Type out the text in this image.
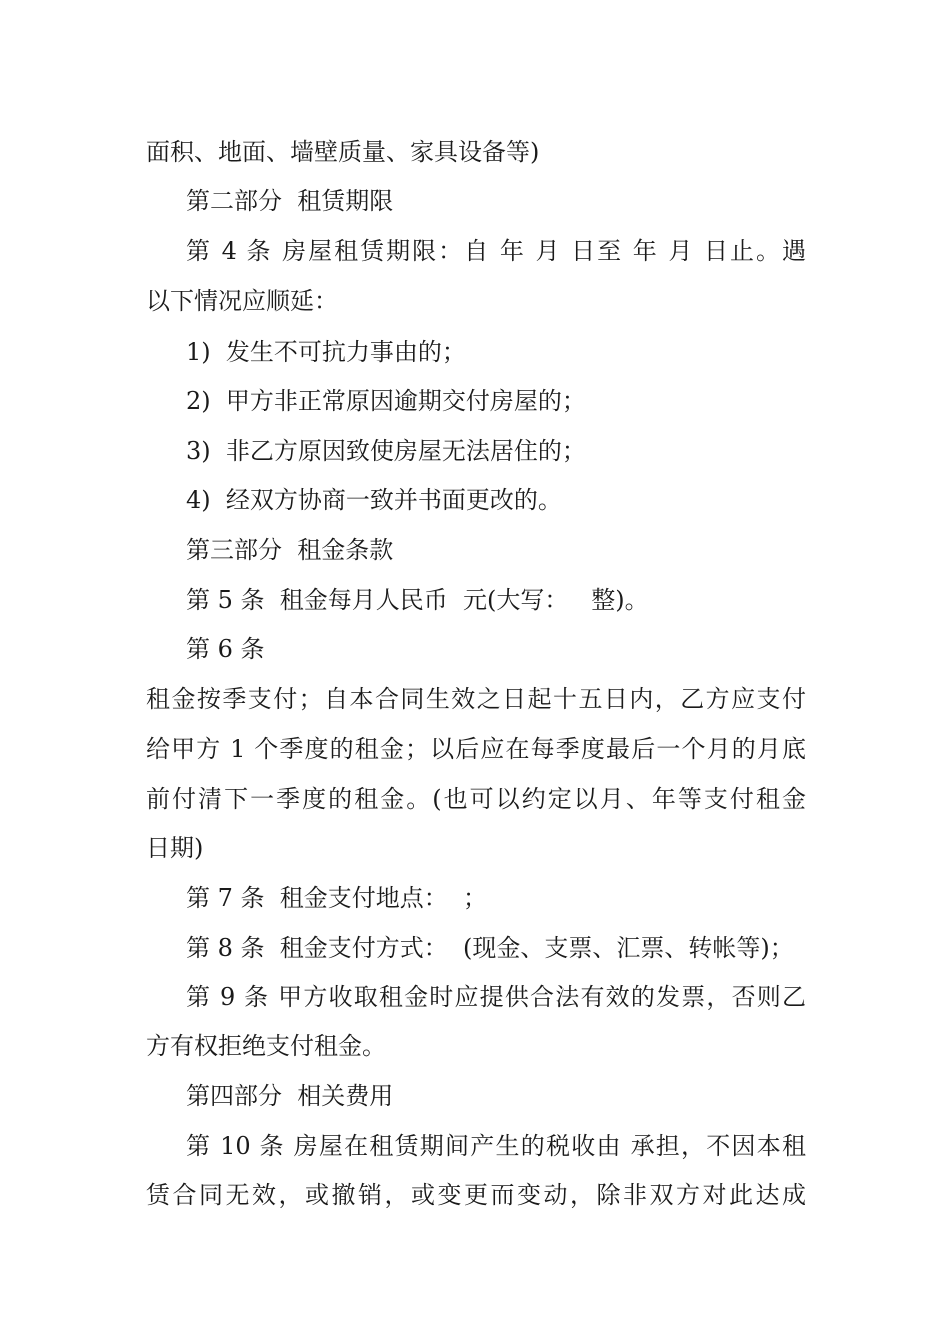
面积、地面、墙壁质量、家具设备等)
第二部分  租赁期限
第 4 条 房屋租赁期限：自 年 月 日至 年 月 日止。遇
以下情况应顺延：
1)  发生不可抗力事由的；
2)  甲方非正常原因逾期交付房屋的；
3)  非乙方原因致使房屋无法居住的；
4)  经双方协商一致并书面更改的。
第三部分  租金条款
第 5 条  租金每月人民币  元(大写：   整)。
第 6 条
租金按季支付；自本合同生效之日起十五日内，乙方应支付
给甲方 1 个季度的租金；以后应在每季度最后一个月的月底
前付清下一季度的租金。(也可以约定以月、年等支付租金
日期)
第 7 条  租金支付地点：  ；
第 8 条  租金支付方式：  (现金、支票、汇票、转帐等)；
第 9 条 甲方收取租金时应提供合法有效的发票，否则乙
方有权拒绝支付租金。
第四部分  相关费用
第 10 条 房屋在租赁期间产生的税收由 承担，不因本租
赁合同无效，或撤销，或变更而变动，除非双方对此达成
